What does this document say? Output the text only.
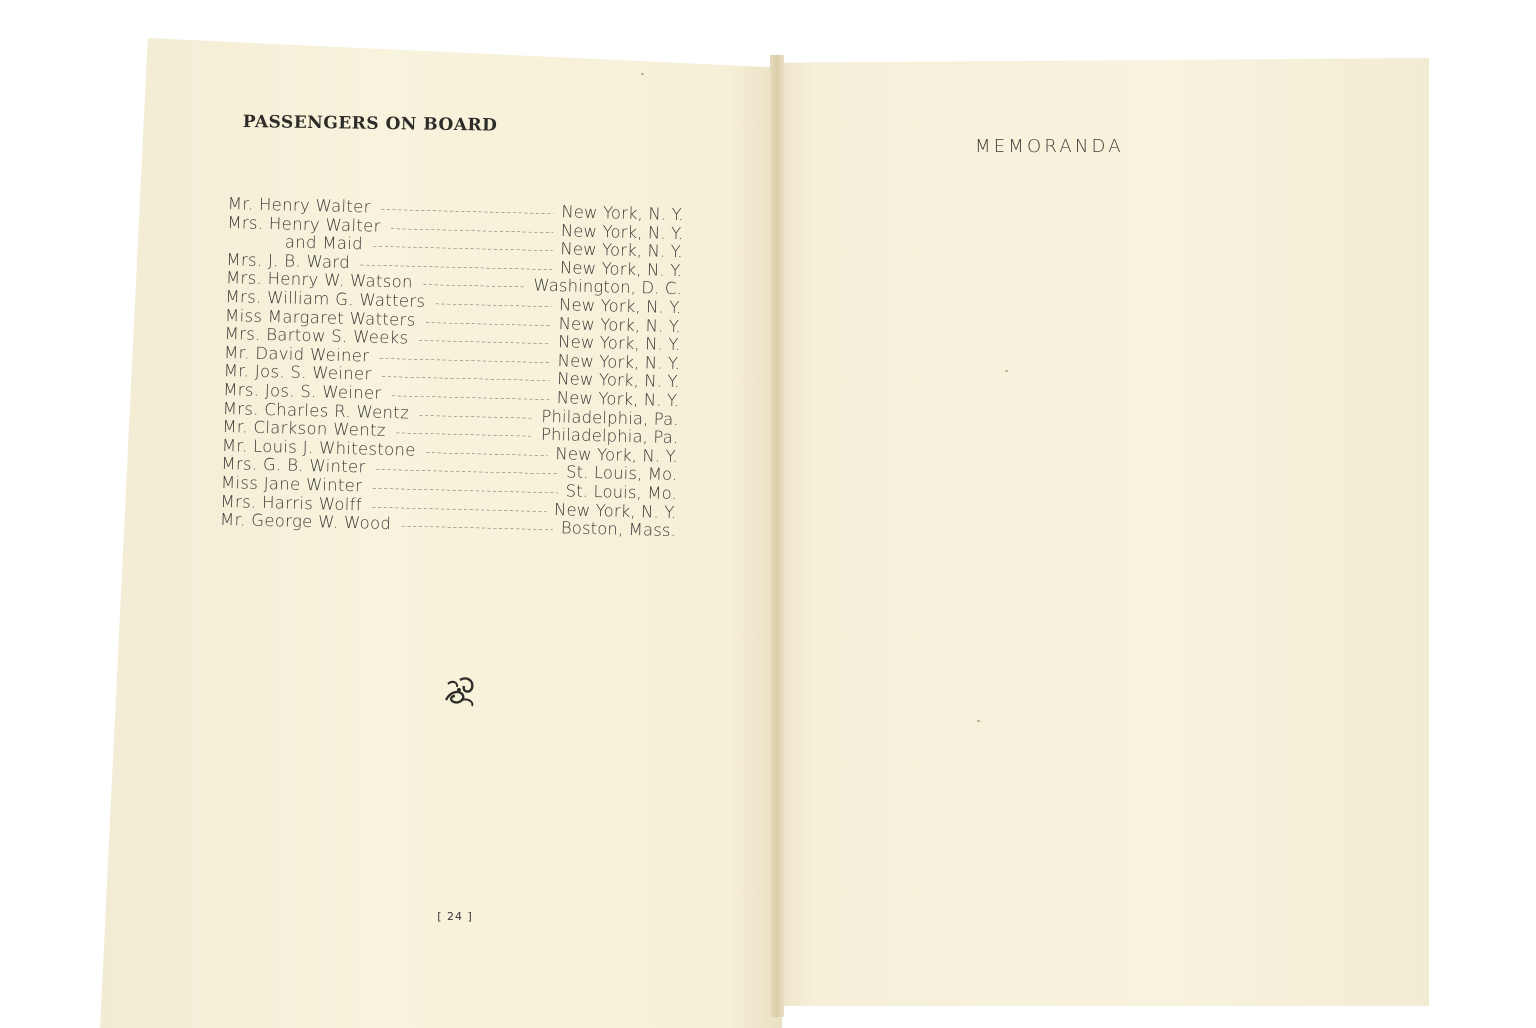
PASSENGERS ON BOARD
Mr. Henry Walter -----	New York, N. Y.
Mrs. Henry Walter -----	New York, N. Y.
and Maid -----	New York, N. Y.
Mrs. J. B. Ward -----	New York, N. Y.
Mrs. Henry W. Watson -----	Washington, D. C.
Mrs. William G. Watters -----	New York, N. Y.
Miss Margaret Watters -----	New York, N. Y.
Mrs. Bartow S. Weeks -----	New York, N. Y.
Mr. David Weiner -----	New York, N. Y.
Mr. Jos. S. Weiner -----	New York, N. Y.
Mrs. Jos. S. Weiner -----	New York, N. Y.
Mrs. Charles R. Wentz -----	Philadelphia, Pa.
Mr. Clarkson Wentz -----	Philadelphia, Pa.
Mr. Louis J. Whitestone -----	New York, N. Y.
Mrs. G. B. Winter -----	St. Louis, Mo.
Miss Jane Winter -----	St. Louis, Mo.
Mrs. Harris Wolff -----	New York, N. Y.
Mr. George W. Wood -----	Boston, Mass.
[ 24 ]
MEMORANDA
